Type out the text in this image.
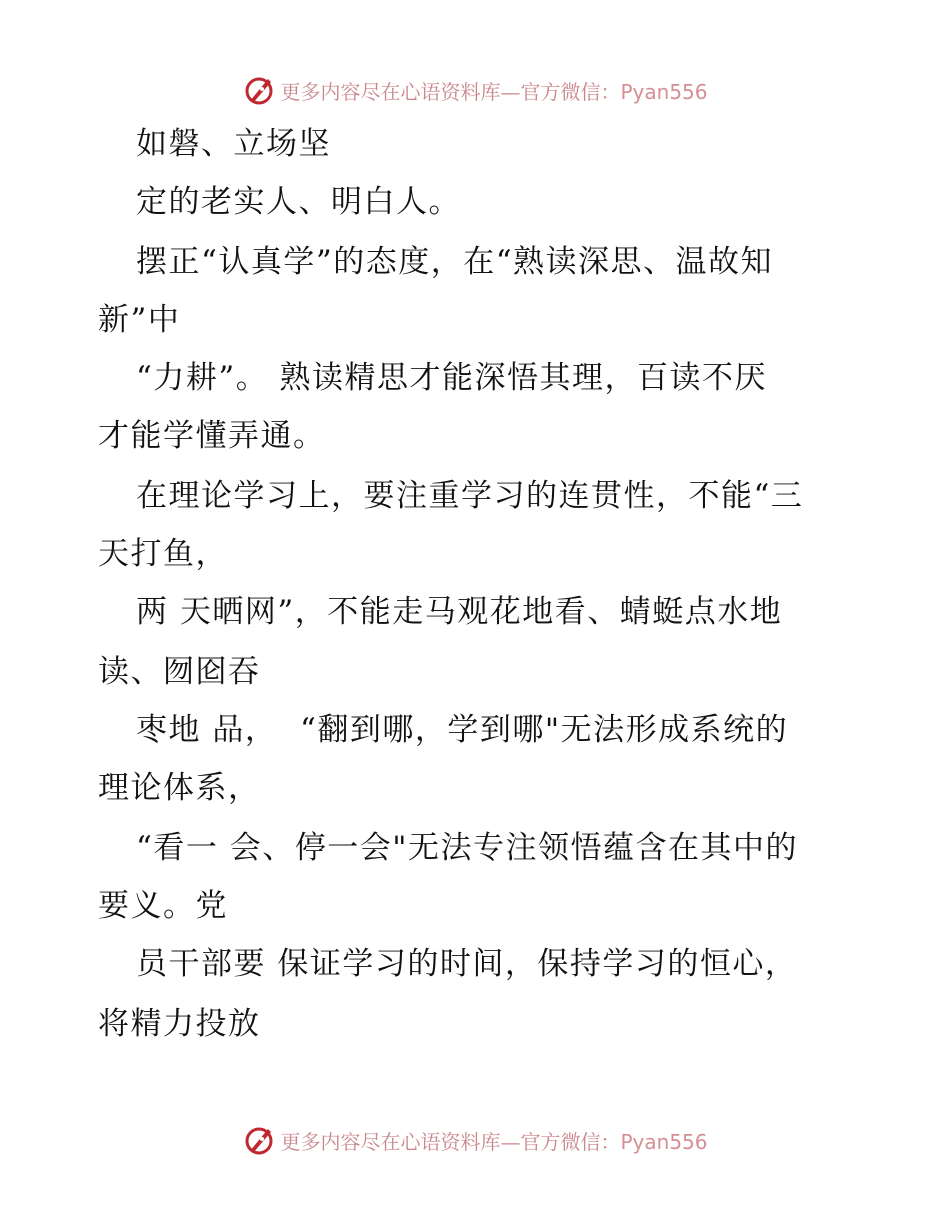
更多内容尽在心语资料库—官方微信：Pyan556
如磐、立场坚
定的老实人、明白人。
摆正“认真学”的态度，在“熟读深思、温故知
新”中
“力耕”。 熟读精思才能深悟其理，百读不厌
才能学懂弄通。
在理论学习上，要注重学习的连贯性，不能“三
天打鱼，
两 天晒网”，不能走马观花地看、蜻蜓点水地
读、囫囵吞
枣地 品，  “翻到哪，学到哪"无法形成系统的
理论体系，
“看一 会、停一会"无法专注领悟蕴含在其中的
要义。党
员干部要 保证学习的时间，保持学习的恒心，
将精力投放
更多内容尽在心语资料库—官方微信：Pyan556
